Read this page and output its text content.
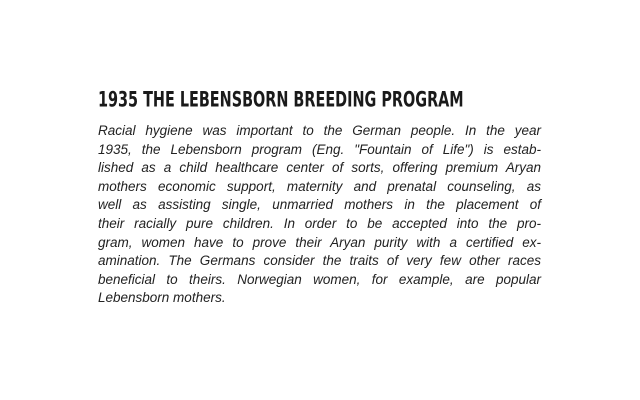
1935 THE LEBENSBORN BREEDING PROGRAM
Racial hygiene was important to the German people. In the year
1935, the Lebensborn program (Eng. "Fountain of Life") is estab-
lished as a child healthcare center of sorts, offering premium Aryan
mothers economic support, maternity and prenatal counseling, as
well as assisting single, unmarried mothers in the placement of
their racially pure children. In order to be accepted into the pro-
gram, women have to prove their Aryan purity with a certified ex-
amination. The Germans consider the traits of very few other races
beneficial to theirs. Norwegian women, for example, are popular
Lebensborn mothers.
